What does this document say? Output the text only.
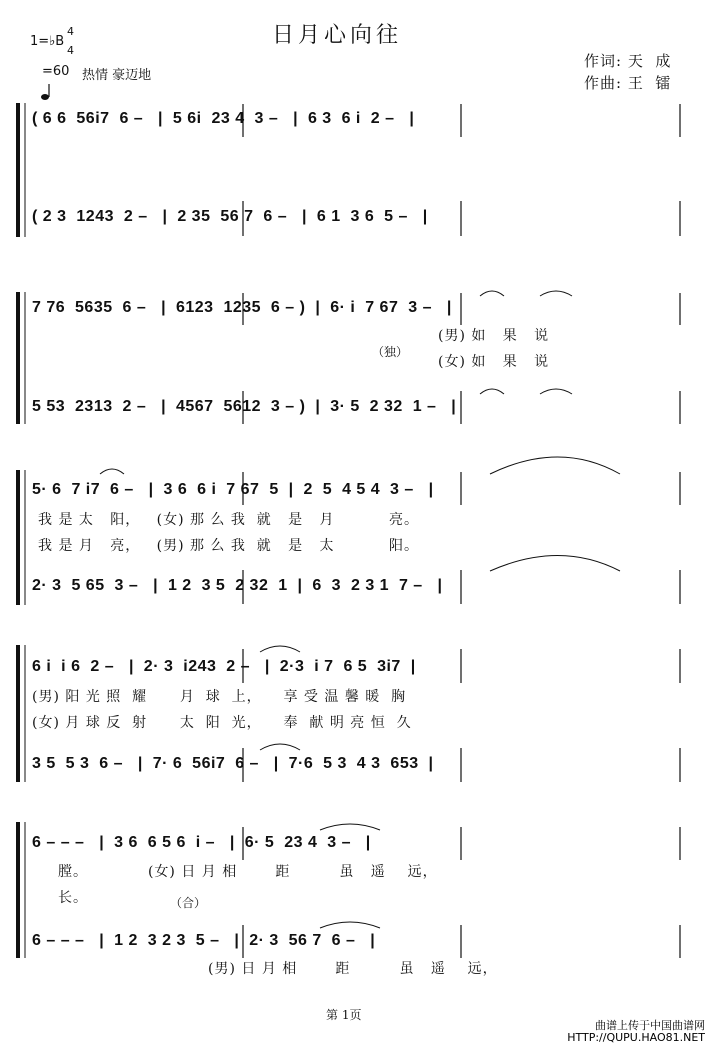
日月心向往
1=♭B
4
4

=60 热情 豪迈地
作词: 天  成
作曲: 王  镭
( 6 6  56i7  6 –   |  5 6i  23 4  3 –   |  6 3  6 i  2 –   |
( 2 3  1243  2 –   |  2 35  56 7  6 –   |  6 1  3 6  5 –   |
7 76  5635  6 –   |  6123  1235  6 – )  |  6· i  7 67  3 –   |
(男) 如   果   说
（独）
(女) 如   果   说
5 53  2313  2 –   |  4567  5612  3 – )  |  3· 5  2 32  1 –   |
5· 6  7 i7  6 –   |  3 6  6 i  7 67  5  |  2  5  4 5 4  3 –   |
我 是 太   阳，   (女) 那 么 我  就   是   月          亮。
我 是 月   亮，   (男) 那 么 我  就   是   太          阳。
2· 3  5 65  3 –   |  1 2  3 5  2 32  1  |  6  3  2 3 1  7 –   |
6 i  i 6  2 –   |  2· 3  i243  2 –   |  2·3  i 7  6 5  3i7  |
(男) 阳 光 照  耀      月  球  上，    享 受 温 馨 暖  胸
(女) 月 球 反  射      太  阳  光，    奉  献 明 亮 恒  久
3 5  5 3  6 –   |  7· 6  56i7  6 –   |  7·6  5 3  4 3  653  |
6 – – –   |  3 6  6 5 6  i –   |  6· 5  23 4  3 –   |
膛。           (女) 日 月 相       距         虽   遥    远，
长。	（合）
6 – – –   |  1 2  3 2 3  5 –   |  2· 3  56 7  6 –   |
(男) 日 月 相       距         虽   遥    远，
第 1页
曲谱上传于中国曲谱网
HTTP://QUPU.HAO81.NET
